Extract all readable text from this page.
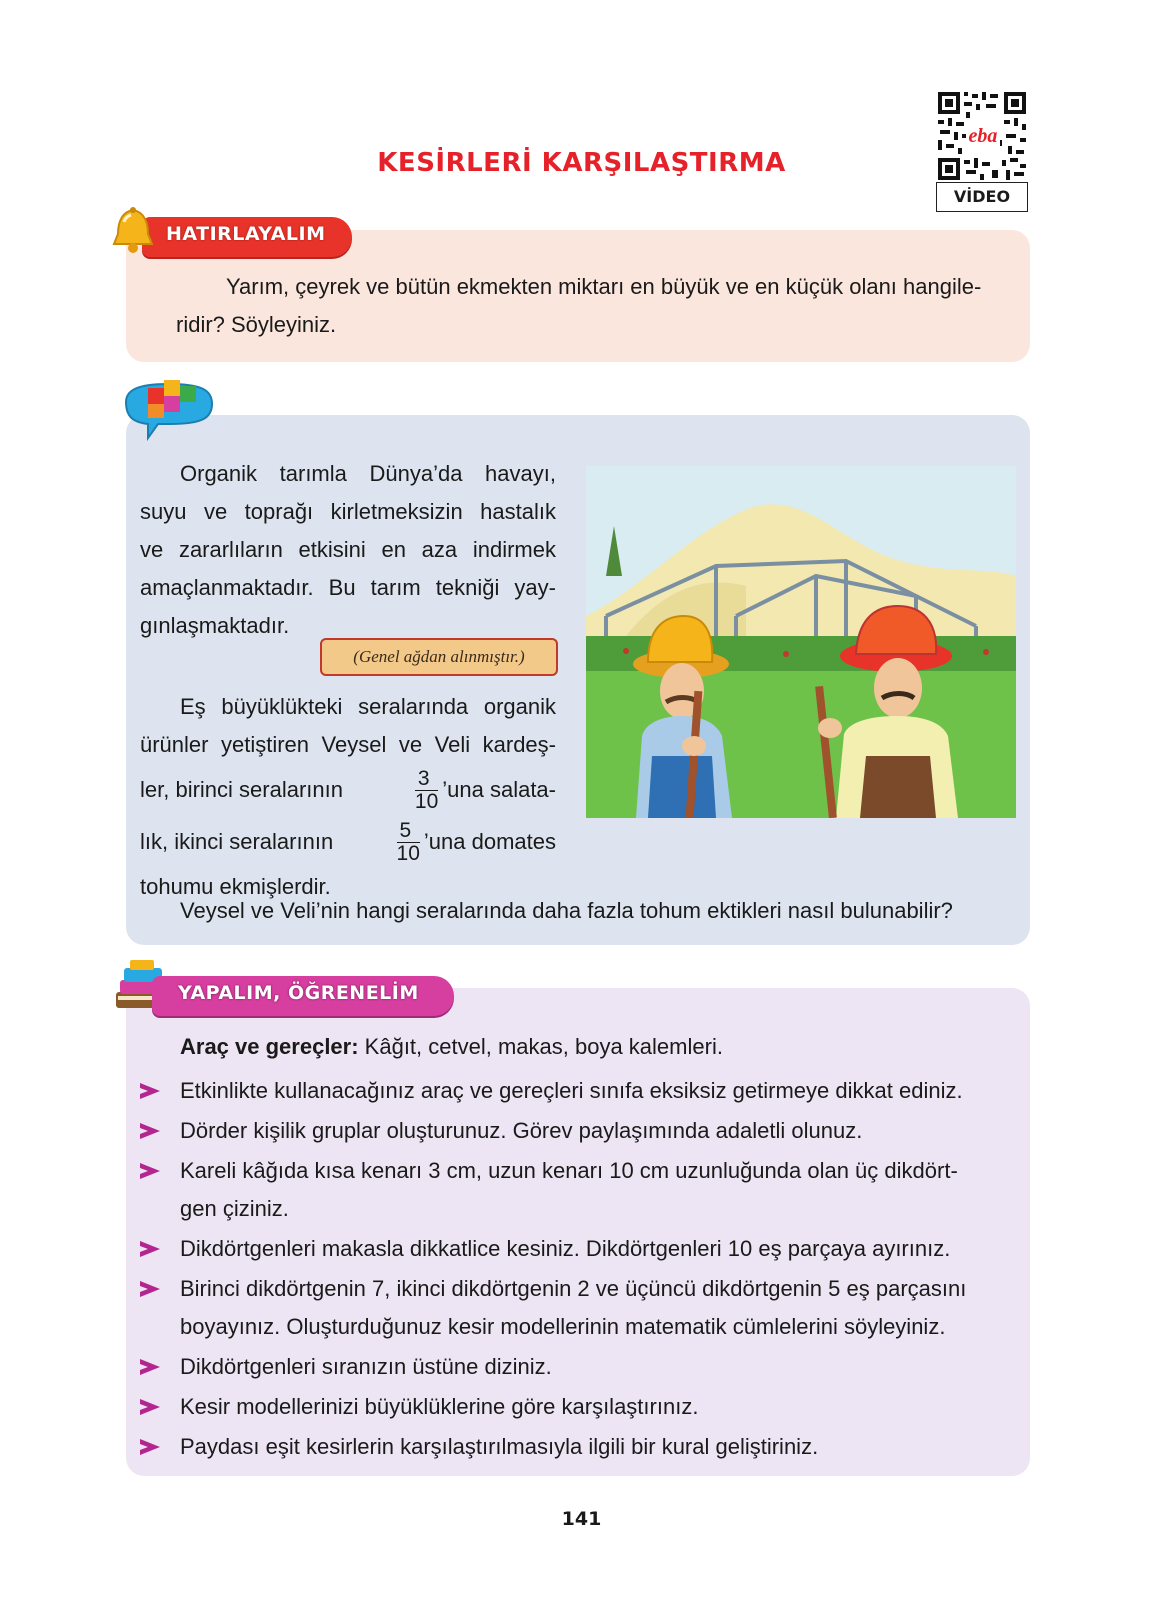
KESİRLERİ KARŞILAŞTIRMA
eba
VİDEO

Yarım, çeyrek ve bütün ekmekten miktarı en büyük ve en küçük olanı hangile-
ridir? Söyleyiniz.

HATIRLAYALIM
Organik tarımla Dünya’da havayı,
suyu ve toprağı kirletmeksizin hastalık
ve zararlıların etkisini en aza indirmek
amaçlanmaktadır. Bu tarım tekniği yay-
gınlaşmaktadır.
(Genel ağdan alınmıştır.)
Eş büyüklükteki seralarında organik
ürünler yetiştiren Veysel ve Veli kardeş-
ler, birinci seralarının	$\frac{3}{10}$ ’una salata-
lık, ikinci seralarının	$\frac{5}{10}$ ’una domates
tohumu ekmişlerdir.
Veysel ve Veli’nin hangi seralarında daha fazla tohum ektikleri nasıl bulunabilir?
YAPALIM, ÖĞRENELİM
Araç ve gereçler: Kâğıt, cetvel, makas, boya kalemleri.
Etkinlikte kullanacağınız araç ve gereçleri sınıfa eksiksiz getirmeye dikkat ediniz.
Dörder kişilik gruplar oluşturunuz. Görev paylaşımında adaletli olunuz.
Kareli kâğıda kısa kenarı 3 cm, uzun kenarı 10 cm uzunluğunda olan üç dikdört-
gen çiziniz.
Dikdörtgenleri makasla dikkatlice kesiniz. Dikdörtgenleri 10 eş parçaya ayırınız.
Birinci dikdörtgenin 7, ikinci dikdörtgenin 2 ve üçüncü dikdörtgenin 5 eş parçasını
boyayınız. Oluşturduğunuz kesir modellerinin matematik cümlelerini söyleyiniz.
Dikdörtgenleri sıranızın üstüne diziniz.
Kesir modellerinizi büyüklüklerine göre karşılaştırınız.
Paydası eşit kesirlerin karşılaştırılmasıyla ilgili bir kural geliştiriniz.
141
